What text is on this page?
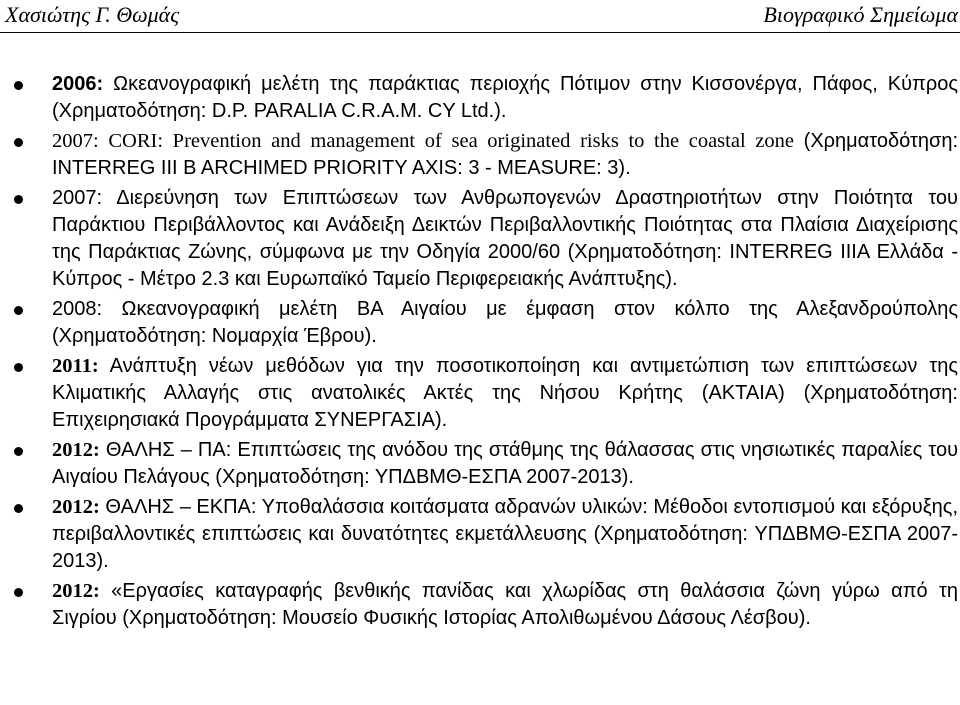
Χασιώτης Γ. Θωμάς	Βιογραφικό Σημείωμα
2006: Ωκεανογραφική μελέτη της παράκτιας περιοχής Πότιμον στην Κισσονέργα, Πάφος, Κύπρος (Χρηματοδότηση: D.P. PARALIA C.R.A.M. CY Ltd.).
2007: CORI: Prevention and management of sea originated risks to the coastal zone (Χρηματοδότηση: INTERREG III B ARCHIMED PRIORITY AXIS: 3 - MEASURE: 3).
2007: Διερεύνηση των Επιπτώσεων των Ανθρωπογενών Δραστηριοτήτων στην Ποιότητα του Παράκτιου Περιβάλλοντος και Ανάδειξη Δεικτών Περιβαλλοντικής Ποιότητας στα Πλαίσια Διαχείρισης της Παράκτιας Ζώνης, σύμφωνα με την Οδηγία 2000/60 (Χρηματοδότηση: INTERREG IIIA Ελλάδα - Κύπρος - Μέτρο 2.3 και Ευρωπαϊκό Ταμείο Περιφερειακής Ανάπτυξης).
2008: Ωκεανογραφική μελέτη ΒΑ Αιγαίου με έμφαση στον κόλπο της Αλεξανδρούπολης (Χρηματοδότηση: Νομαρχία Έβρου).
2011: Ανάπτυξη νέων μεθόδων για την ποσοτικοποίηση και αντιμετώπιση των επιπτώσεων της Κλιματικής Αλλαγής στις ανατολικές Ακτές της Νήσου Κρήτης (ΑΚΤΑΙΑ) (Χρηματοδότηση: Επιχειρησιακά Προγράμματα ΣΥΝΕΡΓΑΣΙΑ).
2012: ΘΑΛΗΣ – ΠΑ: Επιπτώσεις της ανόδου της στάθμης της θάλασσας στις νησιωτικές παραλίες του Αιγαίου Πελάγους (Χρηματοδότηση: ΥΠΔΒΜΘ-ΕΣΠΑ 2007-2013).
2012: ΘΑΛΗΣ – ΕΚΠΑ: Υποθαλάσσια κοιτάσματα αδρανών υλικών: Μέθοδοι εντοπισμού και εξόρυξης, περιβαλλοντικές επιπτώσεις και δυνατότητες εκμετάλλευσης (Χρηματοδότηση: ΥΠΔΒΜΘ-ΕΣΠΑ 2007-2013).
2012: «Εργασίες καταγραφής βενθικής πανίδας και χλωρίδας στη θαλάσσια ζώνη γύρω από τη Σιγρίου (Χρηματοδότηση: Μουσείο Φυσικής Ιστορίας Απολιθωμένου Δάσους Λέσβου).
